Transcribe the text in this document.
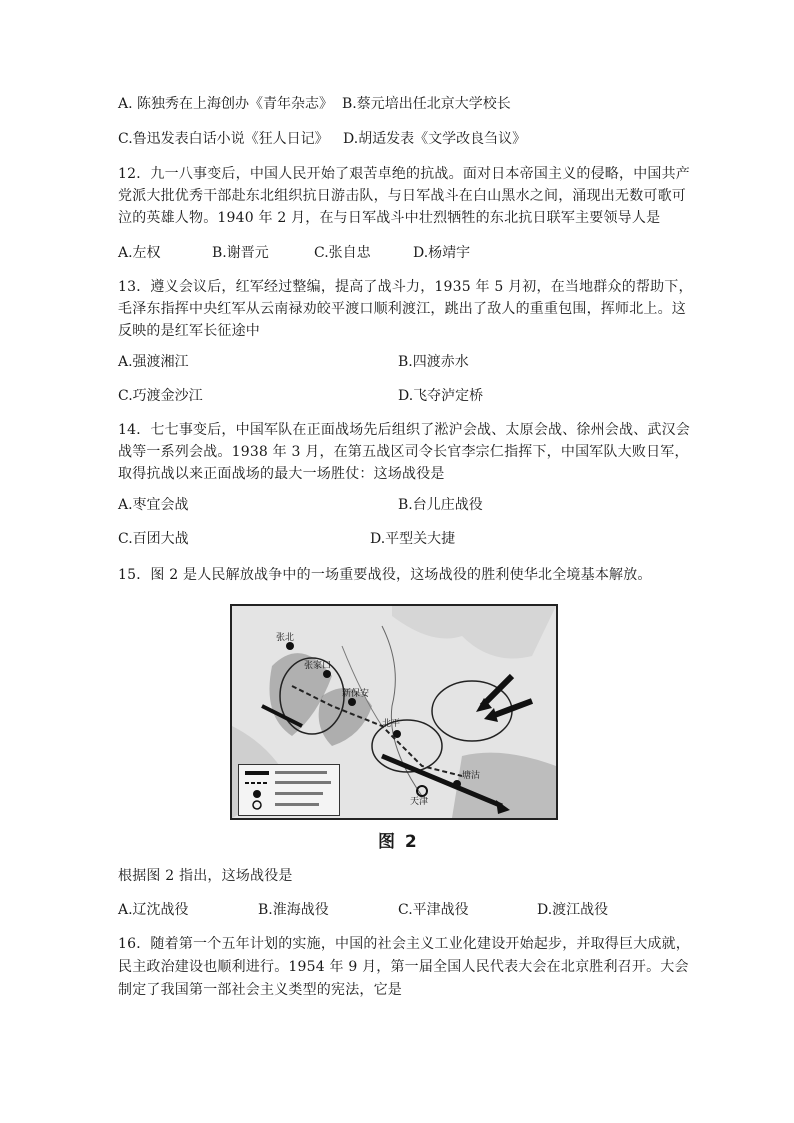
A. 陈独秀在上海创办《青年杂志》 B.蔡元培出任北京大学校长
C.鲁迅发表白话小说《狂人日记》 D.胡适发表《文学改良刍议》
12．九一八事变后，中国人民开始了艰苦卓绝的抗战。面对日本帝国主义的侵略，中国共产
党派大批优秀干部赴东北组织抗日游击队，与日军战斗在白山黑水之间，涌现出无数可歌可
泣的英雄人物。1940 年 2 月，在与日军战斗中壮烈牺牲的东北抗日联军主要领导人是
A.左权	B.谢晋元	C.张自忠	D.杨靖宇
13．遵义会议后，红军经过整编，提高了战斗力，1935 年 5 月初，在当地群众的帮助下，
毛泽东指挥中央红军从云南禄劝皎平渡口顺利渡江，跳出了敌人的重重包围，挥师北上。这
反映的是红军长征途中
A.强渡湘江	B.四渡赤水
C.巧渡金沙江	D.飞夺泸定桥
14．七七事变后，中国军队在正面战场先后组织了淞沪会战、太原会战、徐州会战、武汉会
战等一系列会战。1938 年 3 月，在第五战区司令长官李宗仁指挥下，中国军队大败日军，
取得抗战以来正面战场的最大一场胜仗：这场战役是
A.枣宜会战	B.台儿庄战役
C.百团大战	D.平型关大捷
15．图 2 是人民解放战争中的一场重要战役，这场战役的胜利使华北全境基本解放。
张北
张家口
新保安
北平
天津
塘沽
图 2
根据图 2 指出，这场战役是
A.辽沈战役	B.淮海战役	C.平津战役	D.渡江战役
16．随着第一个五年计划的实施，中国的社会主义工业化建设开始起步，并取得巨大成就，
民主政治建设也顺利进行。1954 年 9 月，第一届全国人民代表大会在北京胜利召开。大会
制定了我国第一部社会主义类型的宪法，它是
